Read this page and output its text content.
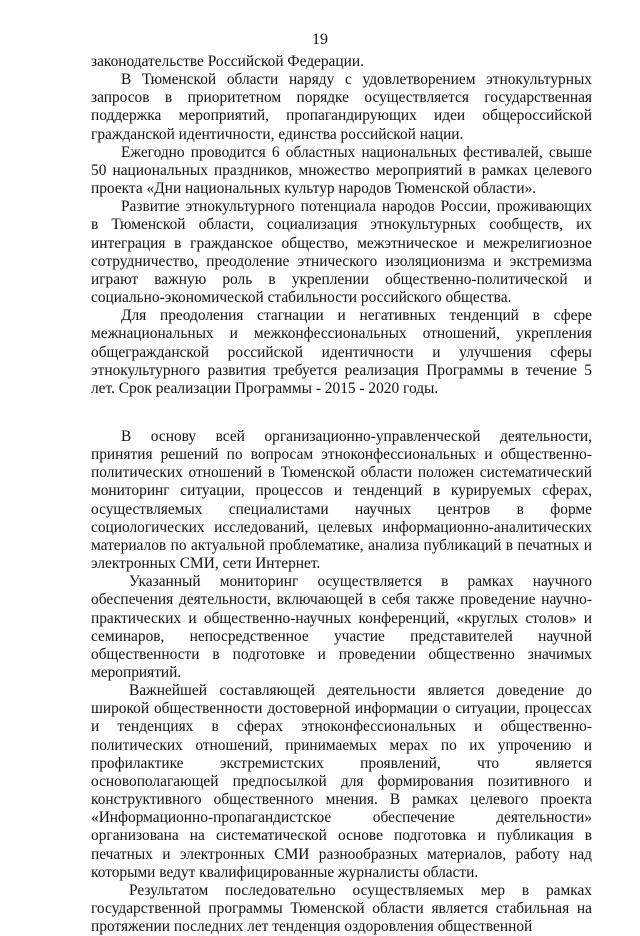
19

законодательстве Российской Федерации.

В Тюменской области наряду с удовлетворением этнокультурных запросов в приоритетном порядке осуществляется государственная поддержка мероприятий, пропагандирующих идеи общероссийской гражданской идентичности, единства российской нации.

Ежегодно проводится 6 областных национальных фестивалей, свыше 50 национальных праздников, множество мероприятий в рамках целевого проекта «Дни национальных культур народов Тюменской области».

Развитие этнокультурного потенциала народов России, проживающих в Тюменской области, социализация этнокультурных сообществ, их интеграция в гражданское общество, межэтническое и межрелигиозное сотрудничество, преодоление этнического изоляционизма и экстремизма играют важную роль в укреплении общественно-политической и социально-экономической стабильности российского общества.

Для преодоления стагнации и негативных тенденций в сфере межнациональных и межконфессиональных отношений, укрепления общегражданской российской идентичности и улучшения сферы этнокультурного развития требуется реализация Программы в течение 5 лет. Срок реализации Программы - 2015 - 2020 годы.

В основу всей организационно-управленческой деятельности, принятия решений по вопросам этноконфессиональных и общественно-политических отношений в Тюменской области положен систематический мониторинг ситуации, процессов и тенденций в курируемых сферах, осуществляемых специалистами научных центров в форме социологических исследований, целевых информационно-аналитических материалов по актуальной проблематике, анализа публикаций в печатных и электронных СМИ, сети Интернет.

Указанный мониторинг осуществляется в рамках научного обеспечения деятельности, включающей в себя также проведение научно-практических и общественно-научных конференций, «круглых столов» и семинаров, непосредственное участие представителей научной общественности в подготовке и проведении общественно значимых мероприятий.

Важнейшей составляющей деятельности является доведение до широкой общественности достоверной информации о ситуации, процессах и тенденциях в сферах этноконфессиональных и общественно-политических отношений, принимаемых мерах по их упрочению и профилактике экстремистских проявлений, что является основополагающей предпосылкой для формирования позитивного и конструктивного общественного мнения. В рамках целевого проекта «Информационно-пропагандистское обеспечение деятельности» организована на систематической основе подготовка и публикация в печатных и электронных СМИ разнообразных материалов, работу над которыми ведут квалифицированные журналисты области.

Результатом последовательно осуществляемых мер в рамках государственной программы Тюменской области является стабильная на протяжении последних лет тенденция оздоровления общественной
